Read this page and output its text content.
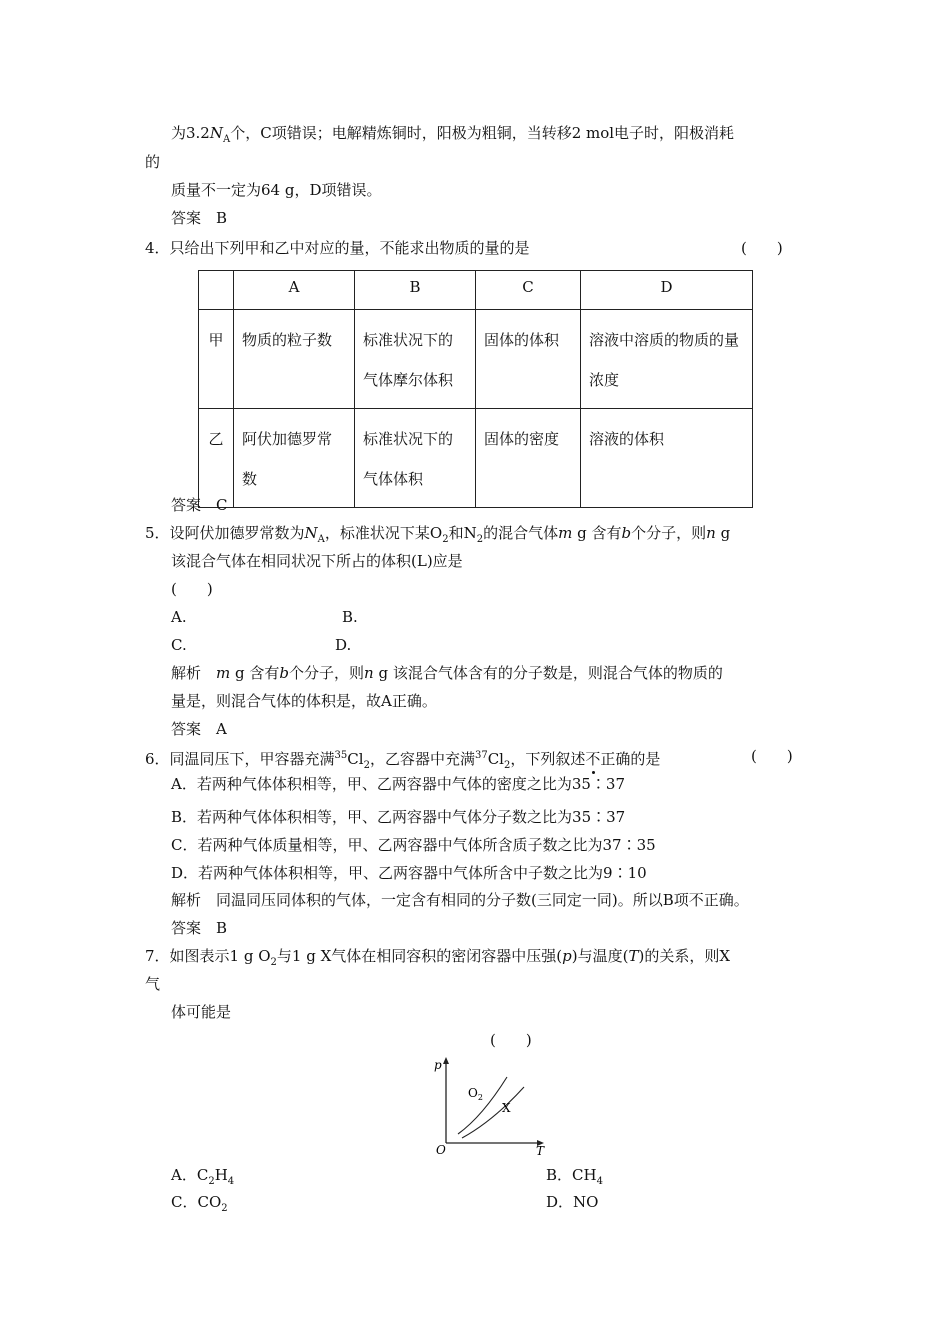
为$3.2N_A$个，C项错误；电解精炼铜时，阳极为粗铜，当转移2 mol电子时，阳极消耗
的
质量不一定为64 g，D项错误。
答案　B
4．只给出下列甲和乙中对应的量，不能求出物质的量的是	(　　)
	A	B	C	D
甲	物质的粒子数	标准状况下的气体摩尔体积	固体的体积	溶液中溶质的物质的量浓度
乙	阿伏加德罗常数	标准状况下的气体体积	固体的密度	溶液的体积
答案　C
5．设阿伏加德罗常数为$N_A$，标准状况下某$O_2$和$N_2$的混合气体m g 含有b个分子，则n g
该混合气体在相同状况下所占的体积(L)应是
(　　)
A.	B.
C.	D.
解析　m g 含有b个分子，则n g 该混合气体含有的分子数是，则混合气体的物质的
量是，则混合气体的体积是，故A正确。
答案　A
6．同温同压下，甲容器充满$^{35}Cl_2$，乙容器中充满$^{37}Cl_2$，下列叙述不正确的是	(　　)
A．若两种气体体积相等，甲、乙两容器中气体的密度之比为35∶37
B．若两种气体体积相等，甲、乙两容器中气体分子数之比为35∶37
C．若两种气体质量相等，甲、乙两容器中气体所含质子数之比为37∶35
D．若两种气体体积相等，甲、乙两容器中气体所含中子数之比为9∶10
解析　同温同压同体积的气体，一定含有相同的分子数(三同定一同)。所以B项不正确。
答案　B
7．如图表示1 g $O_2$与1 g X气体在相同容积的密闭容器中压强(p)与温度(T)的关系，则X
气
体可能是
(　　)
p
T
O
$O_2$
X
A．$C_2H_4$	B．$CH_4$
C．$CO_2$	D．NO
